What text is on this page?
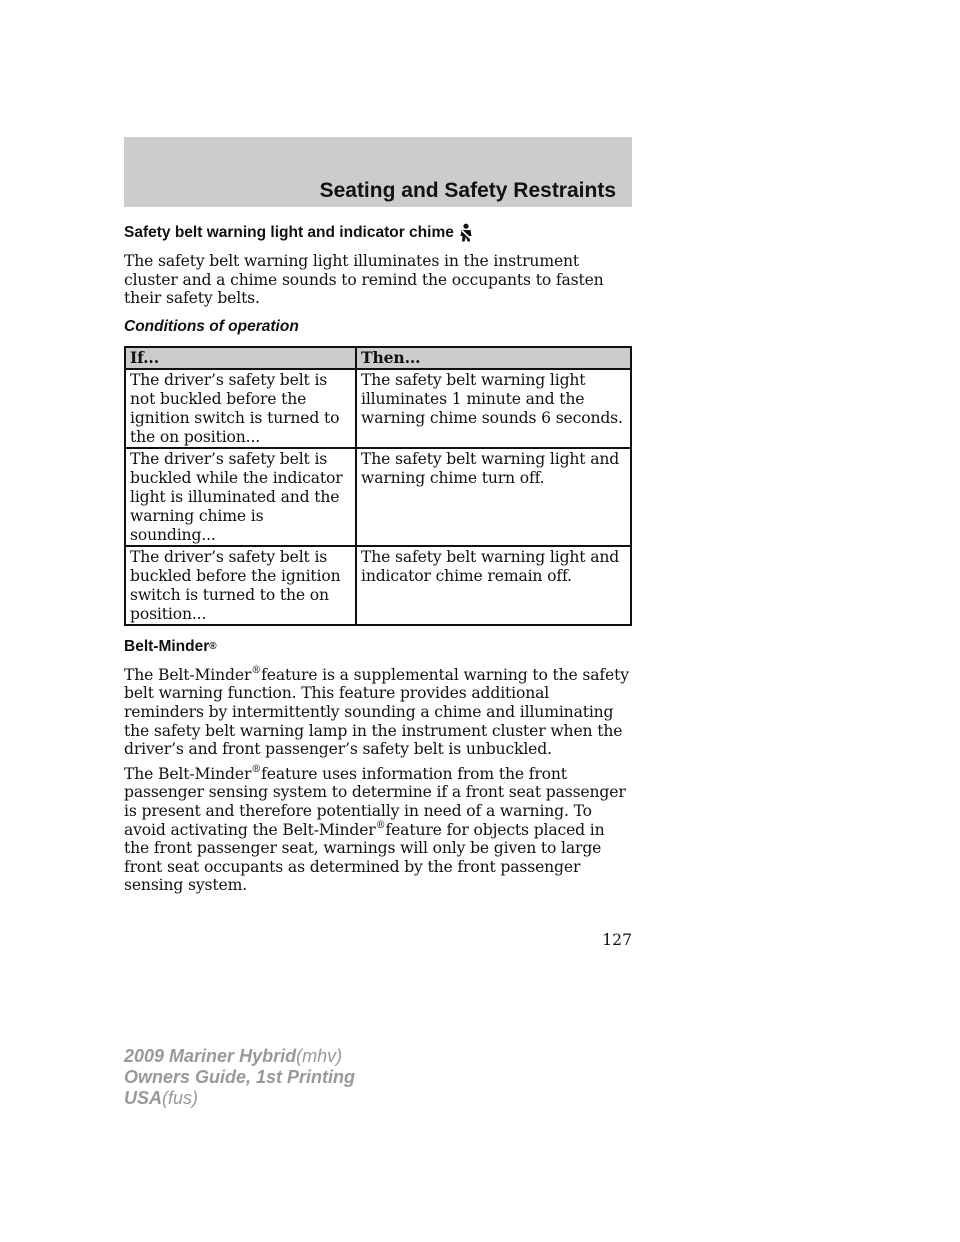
Seating and Safety Restraints
Safety belt warning light and indicator chime

The safety belt warning light illuminates in the instrument cluster and a chime sounds to remind the occupants to fasten their safety belts.

Conditions of operation
If...	Then...
The driver’s safety belt is not buckled before the ignition switch is turned to the on position...	The safety belt warning light illuminates 1 minute and the warning chime sounds 6 seconds.
The driver’s safety belt is buckled while the indicator light is illuminated and the warning chime is sounding...	The safety belt warning light and warning chime turn off.
The driver’s safety belt is buckled before the ignition switch is turned to the on position...	The safety belt warning light and indicator chime remain off.
Belt-Minder ®

The Belt-Minder®feature is a supplemental warning to the safety belt warning function. This feature provides additional reminders by intermittently sounding a chime and illuminating the safety belt warning lamp in the instrument cluster when the driver’s and front passenger’s safety belt is unbuckled.

The Belt-Minder®feature uses information from the front passenger sensing system to determine if a front seat passenger is present and therefore potentially in need of a warning. To avoid activating the Belt-Minder®feature for objects placed in the front passenger seat, warnings will only be given to large front seat occupants as determined by the front passenger sensing system.

127
2009 Mariner Hybrid(mhv)
Owners Guide, 1st Printing
USA(fus)
